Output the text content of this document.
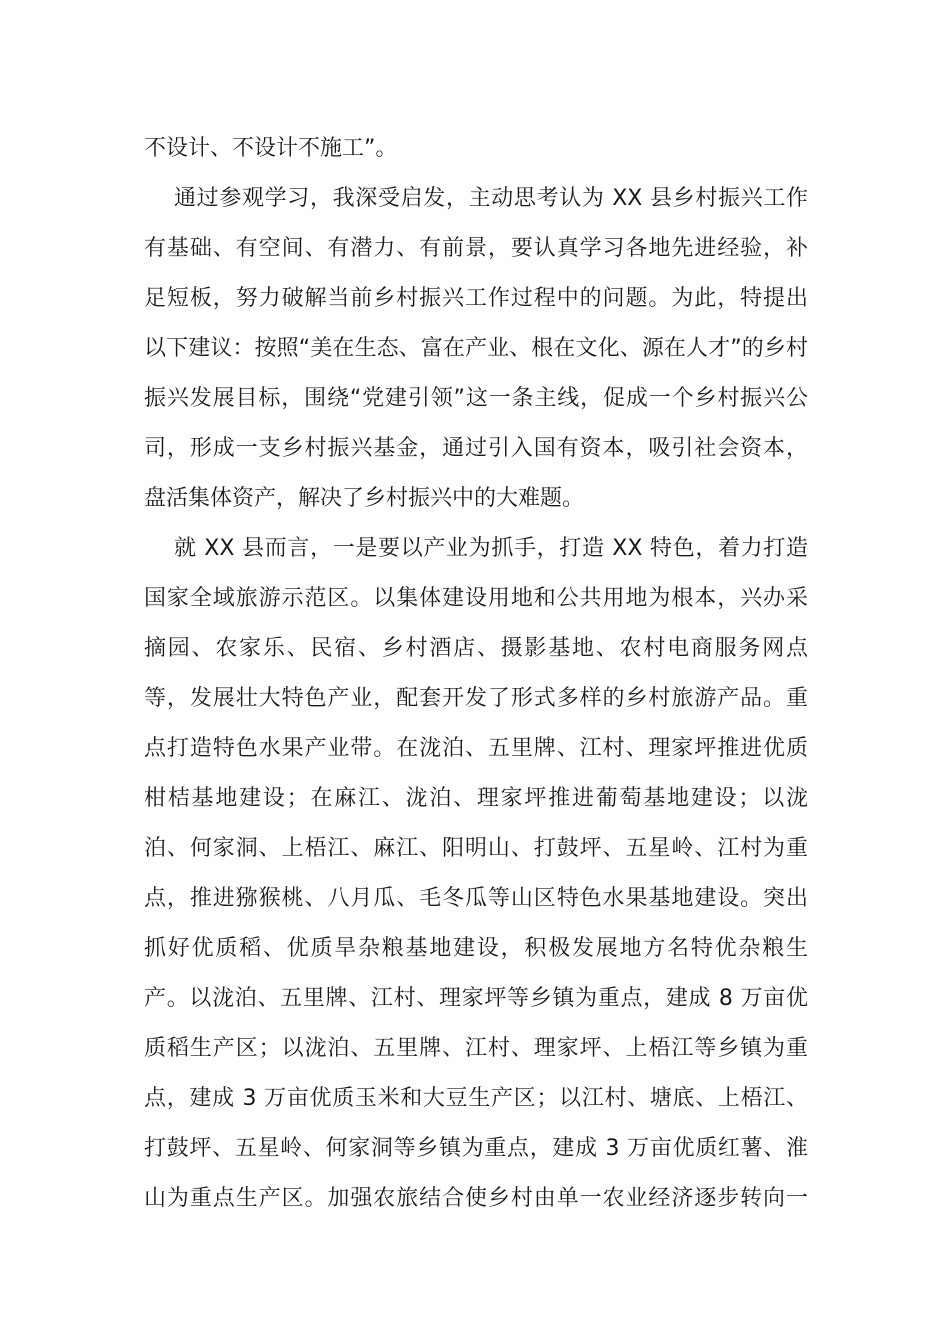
不设计、不设计不施工”。
通过参观学习，我深受启发，主动思考认为 XX 县乡村振兴工作
有基础、有空间、有潜力、有前景，要认真学习各地先进经验，补
足短板，努力破解当前乡村振兴工作过程中的问题。为此，特提出
以下建议：按照“美在生态、富在产业、根在文化、源在人才”的乡村
振兴发展目标，围绕“党建引领”这一条主线，促成一个乡村振兴公
司，形成一支乡村振兴基金，通过引入国有资本，吸引社会资本，
盘活集体资产，解决了乡村振兴中的大难题。
就 XX 县而言，一是要以产业为抓手，打造 XX 特色，着力打造
国家全域旅游示范区。以集体建设用地和公共用地为根本，兴办采
摘园、农家乐、民宿、乡村酒店、摄影基地、农村电商服务网点
等，发展壮大特色产业，配套开发了形式多样的乡村旅游产品。重
点打造特色水果产业带。在泷泊、五里牌、江村、理家坪推进优质
柑桔基地建设；在麻江、泷泊、理家坪推进葡萄基地建设；以泷
泊、何家洞、上梧江、麻江、阳明山、打鼓坪、五星岭、江村为重
点，推进猕猴桃、八月瓜、毛冬瓜等山区特色水果基地建设。突出
抓好优质稻、优质旱杂粮基地建设，积极发展地方名特优杂粮生
产。以泷泊、五里牌、江村、理家坪等乡镇为重点，建成 8 万亩优
质稻生产区；以泷泊、五里牌、江村、理家坪、上梧江等乡镇为重
点，建成 3 万亩优质玉米和大豆生产区；以江村、塘底、上梧江、
打鼓坪、五星岭、何家洞等乡镇为重点，建成 3 万亩优质红薯、淮
山为重点生产区。加强农旅结合使乡村由单一农业经济逐步转向一
